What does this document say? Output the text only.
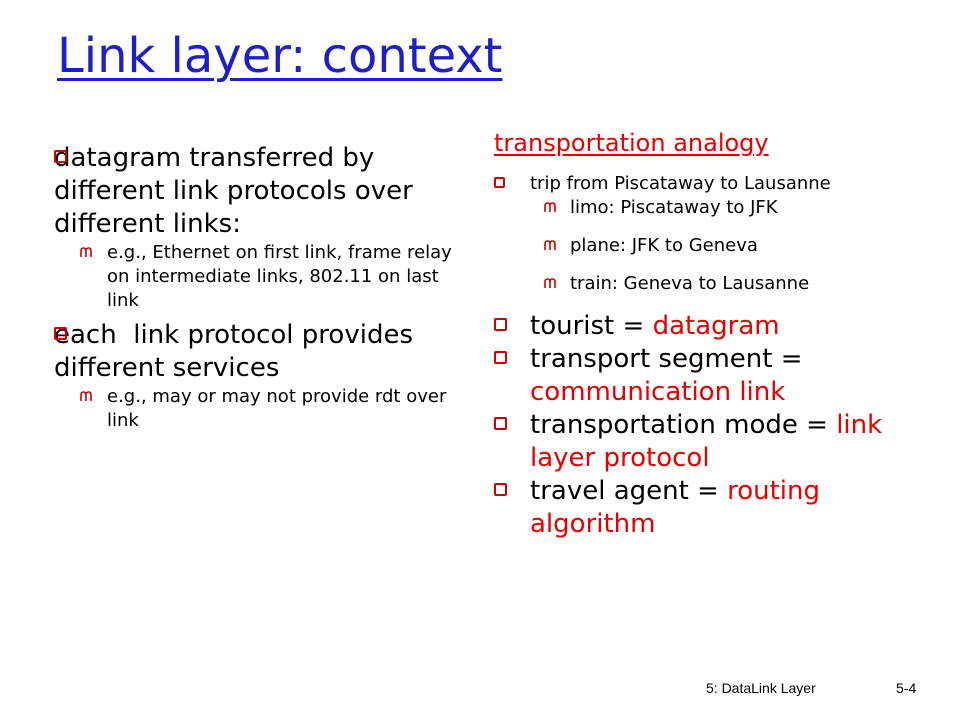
Link layer: context
datagram transferred by different link protocols over different links:
e.g., Ethernet on first link, frame relay on intermediate links, 802.11 on last link
each  link protocol provides different services
e.g., may or may not provide rdt over link
transportation analogy
trip from Piscataway to Lausanne
limo: Piscataway to JFK
plane: JFK to Geneva
train: Geneva to Lausanne
tourist = datagram
transport segment = communication link
transportation mode = link layer protocol
travel agent = routing algorithm
5: DataLink Layer	5-4
